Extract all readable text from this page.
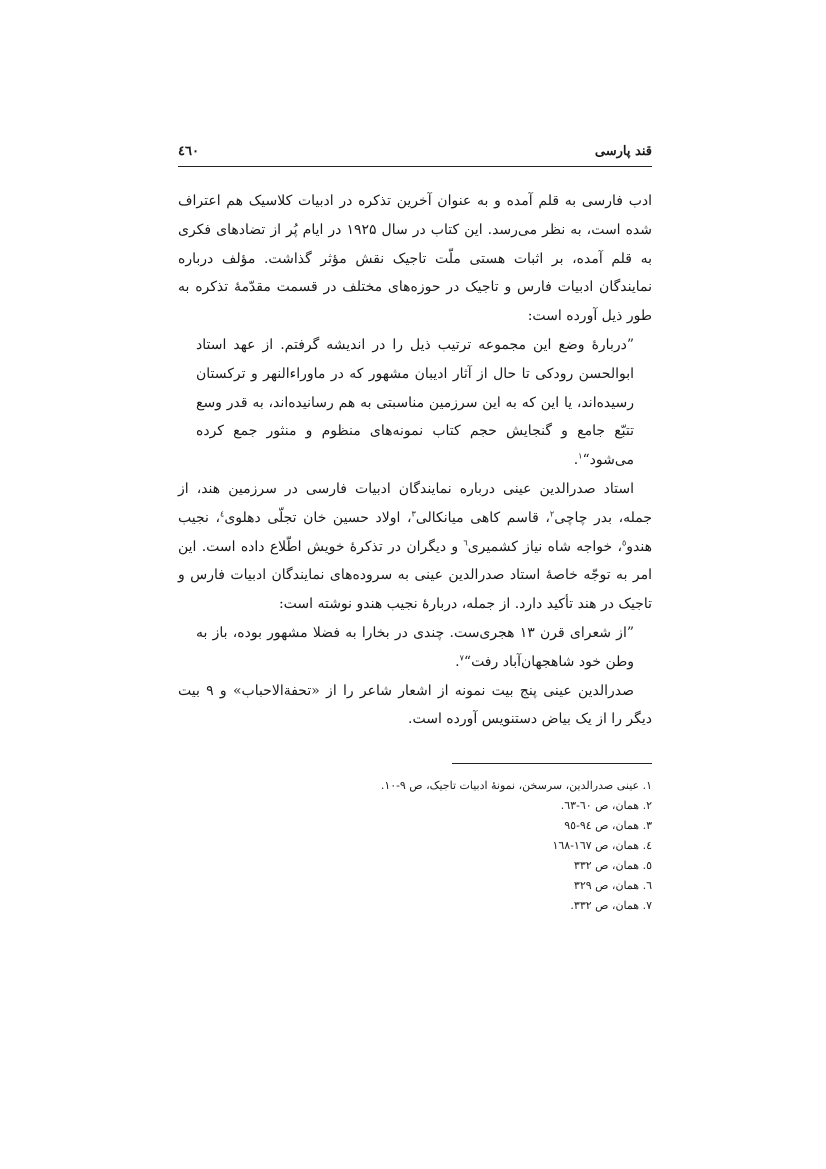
قند پارسی
٤٦٠

ادب فارسی به قلم آمده و به عنوان آخرین تذکره در ادبیات کلاسیک هم اعتراف شده است، به نظر می‌رسد. این کتاب در سال ۱۹۲۵ در ایام پُر از تضادهای فکری به قلم آمده، بر اثبات هستی ملّت تاجیک نقش مؤثر گذاشت. مؤلف درباره نمایندگان ادبیات فارس و تاجیک در حوزه‌های مختلف در قسمت مقدّمهٔ تذکره به طور ذیل آورده است:

”دربارهٔ وضع این مجموعه ترتیب ذیل را در اندیشه گرفتم. از عهد استاد ابوالحسن رودکی تا حال از آثار ادیبان مشهور که در ماوراءالنهر و ترکستان رسیده‌اند، یا این که به این سرزمین مناسبتی به هم رسانیده‌اند، به قدر وسع تتبّع جامع و گنجایش حجم کتاب نمونه‌های منظوم و منثور جمع کرده می‌شود“$^١$.

استاد صدرالدین عینی درباره نمایندگان ادبیات فارسی در سرزمین هند، از جمله، بدر چاچی$^٢$، قاسم کاهی میانکالی$^٣$، اولاد حسین خان تجلّی دهلوی$^٤$، نجیب هندو$^٥$، خواجه شاه نیاز کشمیری$^٦$ و دیگران در تذکرهٔ خویش اطّلاع داده است. این امر به توجّه خاصهٔ استاد صدرالدین عینی به سروده‌های نمایندگان ادبیات فارس و تاجیک در هند تأکید دارد. از جمله، دربارهٔ نجیب هندو نوشته است:

”از شعرای قرن ۱۳ هجری‌ست. چندی در بخارا به فضلا مشهور بوده، باز به وطن خود شاهجهان‌آباد رفت“$^٧$.

صدرالدین عینی پنج بیت نمونه از اشعار شاعر را از «تحفة‌الاحباب» و ۹ بیت دیگر را از یک بیاض دستنویس آورده است.

١. عینی صدرالدین، سرسخن، نمونهٔ ادبیات تاجیک، ص ٩-١٠.
٢. همان، ص ٦٠-٦٣.
٣. همان، ص ٩٤-٩٥
٤. همان، ص ١٦٧-١٦٨
٥. همان، ص ٣٣٢
٦. همان، ص ٣٢٩
٧. همان، ص ٣٣٢.
